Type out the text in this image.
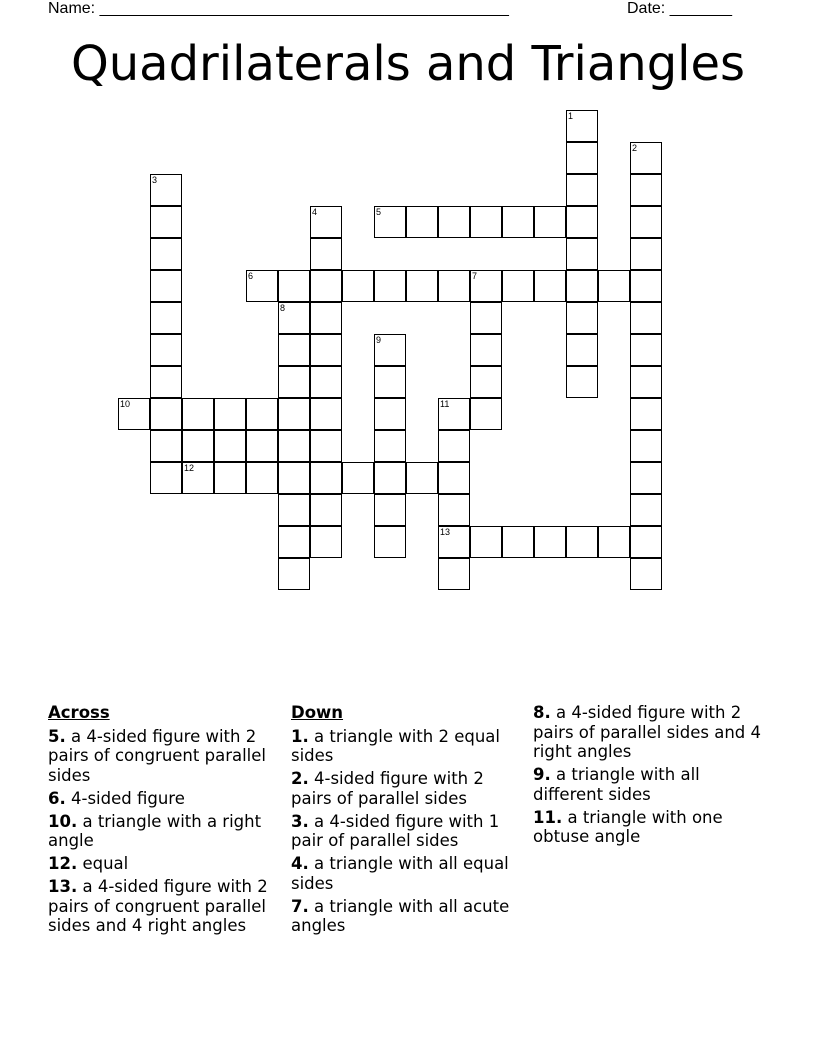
Name: ______________________________________________	Date: _______
Quadrilaterals and Triangles
1
2
3
4	5
6	7
8
9
10	11
13
12
Across
5. a 4-sided figure with 2 pairs of congruent parallel sides
6. 4-sided figure
10. a triangle with a right angle
12. equal
13. a 4-sided figure with 2 pairs of congruent parallel sides and 4 right angles
Down
1. a triangle with 2 equal sides
2. 4-sided figure with 2 pairs of parallel sides
3. a 4-sided figure with 1 pair of parallel sides
4. a triangle with all equal sides
7. a triangle with all acute angles
8. a 4-sided figure with 2 pairs of parallel sides and 4 right angles
9. a triangle with all different sides
11. a triangle with one obtuse angle
